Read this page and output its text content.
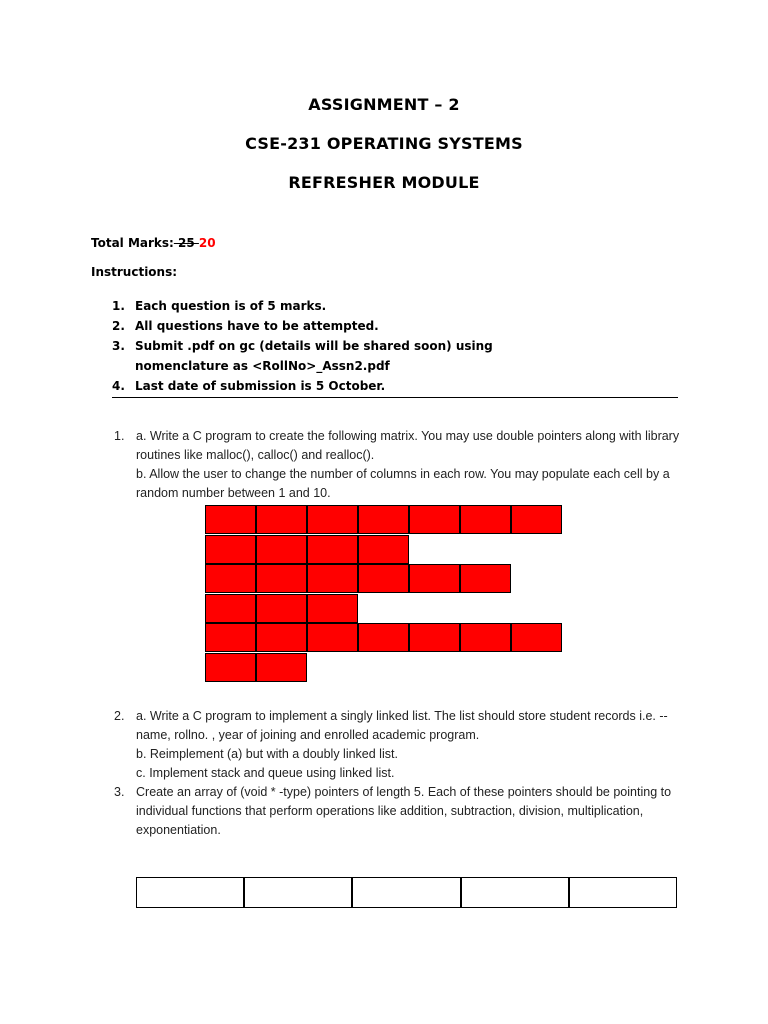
ASSIGNMENT – 2
CSE-231 OPERATING SYSTEMS
REFRESHER MODULE
Total Marks: 25 20
Instructions:
1. Each question is of 5 marks.
2. All questions have to be attempted.
3. Submit .pdf on gc (details will be shared soon) using nomenclature as <RollNo>_Assn2.pdf
4. Last date of submission is 5 October.
1. a. Write a C program to create the following matrix. You may use double pointers along with library routines like malloc(), calloc() and realloc().
b. Allow the user to change the number of columns in each row. You may populate each cell by a random number between 1 and 10.
2. a. Write a C program to implement a singly linked list. The list should store student records i.e. -- name, rollno. , year of joining and enrolled academic program.
b. Reimplement (a) but with a doubly linked list.
c. Implement stack and queue using linked list.
3. Create an array of (void * -type) pointers of length 5. Each of these pointers should be pointing to individual functions that perform operations like addition, subtraction, division, multiplication, exponentiation.
